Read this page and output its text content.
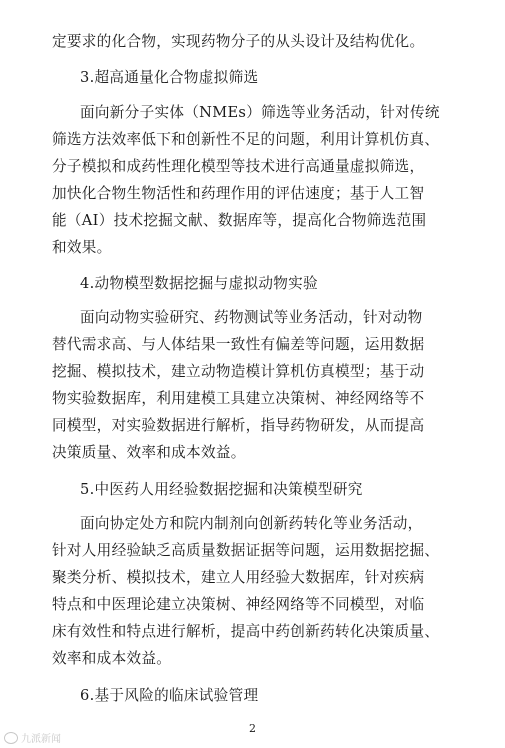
定要求的化合物，实现药物分子的从头设计及结构优化。
3.超高通量化合物虚拟筛选
面向新分子实体（NMEs）筛选等业务活动，针对传统
筛选方法效率低下和创新性不足的问题，利用计算机仿真、
分子模拟和成药性理化模型等技术进行高通量虚拟筛选，
加快化合物生物活性和药理作用的评估速度；基于人工智
能（AI）技术挖掘文献、数据库等，提高化合物筛选范围
和效果。
4.动物模型数据挖掘与虚拟动物实验
面向动物实验研究、药物测试等业务活动，针对动物
替代需求高、与人体结果一致性有偏差等问题，运用数据
挖掘、模拟技术，建立动物造模计算机仿真模型；基于动
物实验数据库，利用建模工具建立决策树、神经网络等不
同模型，对实验数据进行解析，指导药物研发，从而提高
决策质量、效率和成本效益。
5.中医药人用经验数据挖掘和决策模型研究
面向协定处方和院内制剂向创新药转化等业务活动，
针对人用经验缺乏高质量数据证据等问题，运用数据挖掘、
聚类分析、模拟技术，建立人用经验大数据库，针对疾病
特点和中医理论建立决策树、神经网络等不同模型，对临
床有效性和特点进行解析，提高中药创新药转化决策质量、
效率和成本效益。
6.基于风险的临床试验管理
2
九派新闻
